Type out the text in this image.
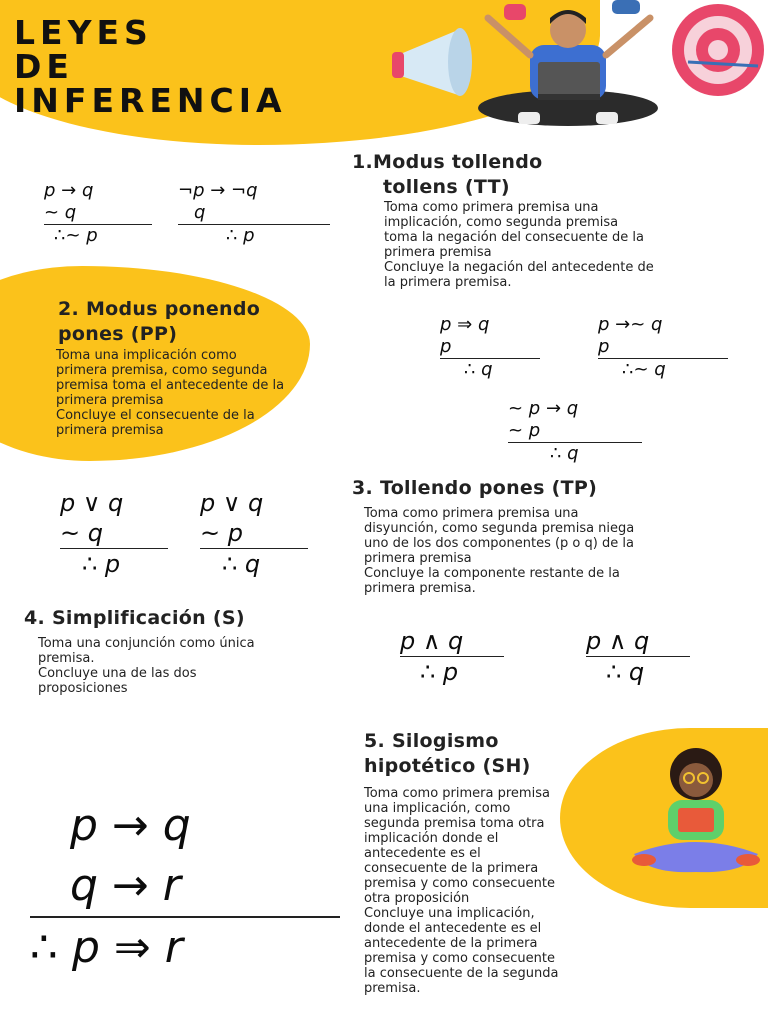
LEYES
DE
INFERENCIA
1.Modus tollendo
tollens (TT)
Toma como primera premisa una
implicación, como segunda premisa
toma la negación del consecuente de la
primera premisa
Concluye la negación del antecedente de
la primera premisa.
p → q
~ q
∴~ p
¬p → ¬q
q
∴ p
2. Modus ponendo
pones (PP)
Toma una implicación como
primera premisa, como segunda
premisa toma el antecedente de la
primera premisa
Concluye el consecuente de la
primera premisa
p ⇒ q
p
∴ q
p →~ q
p
∴~ q
~ p → q
~ p
∴ q
3. Tollendo pones (TP)
Toma como primera premisa una
disyunción, como segunda premisa niega
uno de los dos componentes (p o q) de la
primera premisa
Concluye la componente restante de la
primera premisa.
p ∨ q
~ q
∴ p
p ∨ q
~ p
∴ q
4. Simplificación (S)
Toma una conjunción como única
premisa.
Concluye una de las dos
proposiciones
p ∧ q
∴ p
p ∧ q
∴ q
5. Silogismo
hipotético (SH)
Toma como primera premisa
una implicación, como
segunda premisa toma otra
implicación donde el
antecedente es el
consecuente de la primera
premisa y como consecuente
otra proposición
Concluye una implicación,
donde el antecedente es el
antecedente de la primera
premisa y como consecuente
la consecuente de la segunda
premisa.
p → q
q → r
∴ p ⇒ r
